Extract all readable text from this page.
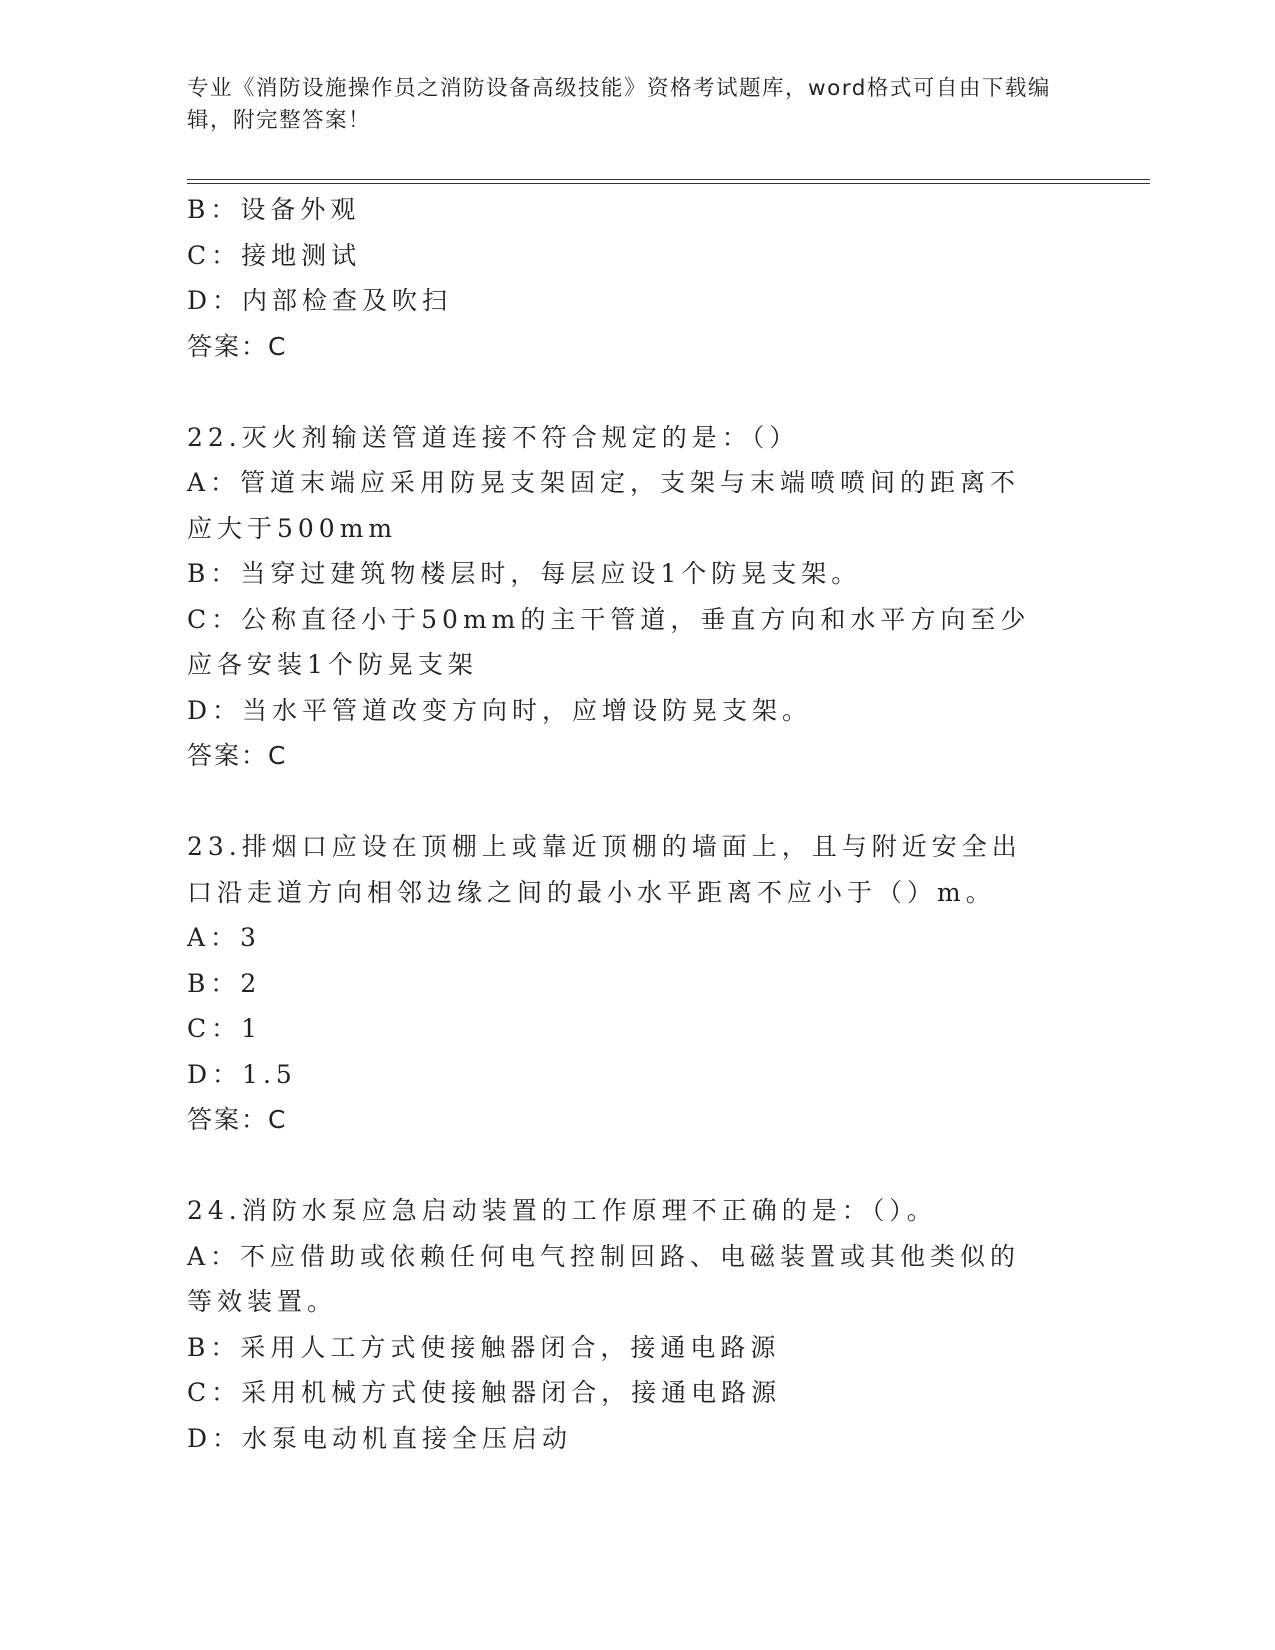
专业《消防设施操作员之消防设备高级技能》资格考试题库，word格式可自由下载编辑，附完整答案！
B：设备外观
C：接地测试
D：内部检查及吹扫
答案：C
22.灭火剂输送管道连接不符合规定的是：（）
A：管道末端应采用防晃支架固定，支架与末端喷喷间的距离不应大于500mm
B：当穿过建筑物楼层时，每层应设1个防晃支架。
C：公称直径小于50mm的主干管道，垂直方向和水平方向至少应各安装1个防晃支架
D：当水平管道改变方向时，应增设防晃支架。
答案：C
23.排烟口应设在顶棚上或靠近顶棚的墙面上，且与附近安全出口沿走道方向相邻边缘之间的最小水平距离不应小于（）m。
A：3
B：2
C：1
D：1.5
答案：C
24.消防水泵应急启动装置的工作原理不正确的是：（）。
A：不应借助或依赖任何电气控制回路、电磁装置或其他类似的等效装置。
B：采用人工方式使接触器闭合，接通电路源
C：采用机械方式使接触器闭合，接通电路源
D：水泵电动机直接全压启动
